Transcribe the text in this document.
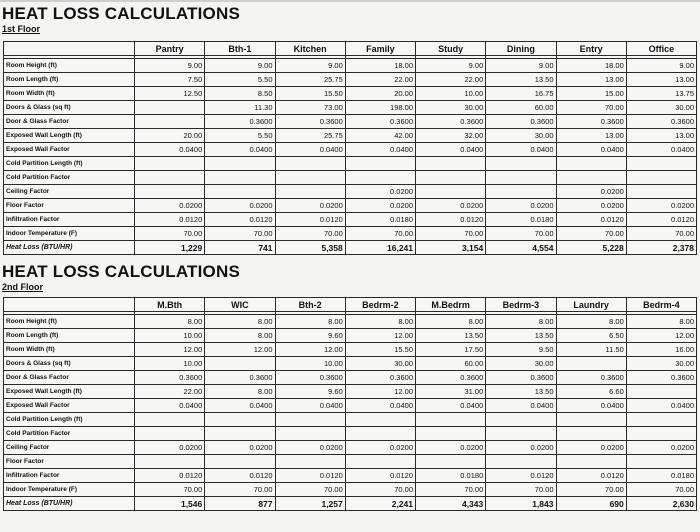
HEAT LOSS CALCULATIONS
1st Floor
	Pantry	Bth-1	Kitchen	Family	Study	Dining	Entry	Office

Room Height (ft)	9.00	9.00	9.00	18.00	9.00	9.00	18.00	9.00
Room Length (ft)	7.50	5.50	25.75	22.00	22.00	13.50	13.00	13.00
Room Width (ft)	12.50	8.50	15.50	20.00	10.00	16.75	15.00	13.75
Doors & Glass (sq ft)		11.30	73.00	198.00	30.00	60.00	70.00	30.00
Door & Glass Factor		0.3600	0.3600	0.3600	0.3600	0.3600	0.3600	0.3600
Exposed Wall Length (ft)	20.00	5.50	25.75	42.00	32.00	30.00	13.00	13.00
Exposed Wall Factor	0.0400	0.0400	0.0400	0.0400	0.0400	0.0400	0.0400	0.0400
Cold Partition Length (ft)								
Cold Partition Factor								
Ceiling Factor				0.0200			0.0200	
Floor Factor	0.0200	0.0200	0.0200	0.0200	0.0200	0.0200	0.0200	0.0200
Infiltration Factor	0.0120	0.0120	0.0120	0.0180	0.0120	0.0180	0.0120	0.0120
Indoor Temperature (F)	70.00	70.00	70.00	70.00	70.00	70.00	70.00	70.00
Heat Loss (BTU/HR)	1,229	741	5,358	16,241	3,154	4,554	5,228	2,378
HEAT LOSS CALCULATIONS
2nd Floor
	M.Bth	WIC	Bth-2	Bedrm-2	M.Bedrm	Bedrm-3	Laundry	Bedrm-4

Room Height (ft)	8.00	8.00	8.00	8.00	8.00	8.00	8.00	8.00
Room Length (ft)	10.00	8.00	9.60	12.00	13.50	13.50	6.50	12.00
Room Width (ft)	12.00	12.00	12.00	15.50	17.50	9.50	11.50	16.00
Doors & Glass (sq ft)	10.00		10.00	30.00	60.00	30.00		30.00
Door & Glass Factor	0.3600	0.3600	0.3600	0.3600	0.3600	0.3600	0.3600	0.3600
Exposed Wall Length (ft)	22.00	8.00	9.60	12.00	31.00	13.50	6.60	
Exposed Wall Factor	0.0400	0.0400	0.0400	0.0400	0.0400	0.0400	0.0400	0.0400
Cold Partition Length (ft)								
Cold Partition Factor								
Ceiling Factor	0.0200	0.0200	0.0200	0.0200	0.0200	0.0200	0.0200	0.0200
Floor Factor								
Infiltration Factor	0.0120	0.0120	0.0120	0.0120	0.0180	0.0120	0.0120	0.0180
Indoor Temperature (F)	70.00	70.00	70.00	70.00	70.00	70.00	70.00	70.00
Heat Loss (BTU/HR)	1,546	877	1,257	2,241	4,343	1,843	690	2,630
